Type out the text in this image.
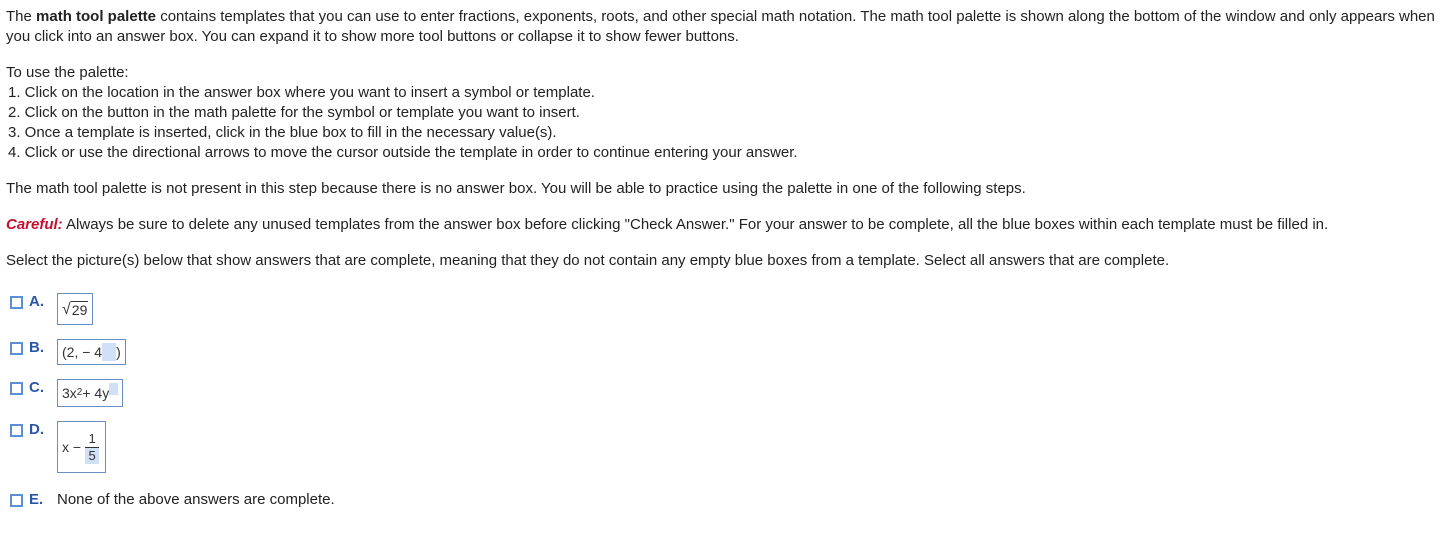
The math tool palette contains templates that you can use to enter fractions, exponents, roots, and other special math notation. The math tool palette is shown along the bottom of the window and only appears when you click into an answer box. You can expand it to show more tool buttons or collapse it to show fewer buttons.

To use the palette:

1. Click on the location in the answer box where you want to insert a symbol or template.
2. Click on the button in the math palette for the symbol or template you want to insert.
3. Once a template is inserted, click in the blue box to fill in the necessary value(s).
4. Click or use the directional arrows to move the cursor outside the template in order to continue entering your answer.

The math tool palette is not present in this step because there is no answer box. You will be able to practice using the palette in one of the following steps.

Careful: Always be sure to delete any unused templates from the answer box before clicking "Check Answer." For your answer to be complete, all the blue boxes within each template must be filled in.

Select the picture(s) below that show answers that are complete, meaning that they do not contain any empty blue boxes from a template. Select all answers that are complete.

A.	√ 29
B.	(2, − 4 )
C.	3x 2 + 4y
D.
$x - \frac{1}{5}$
E. None of the above answers are complete.
